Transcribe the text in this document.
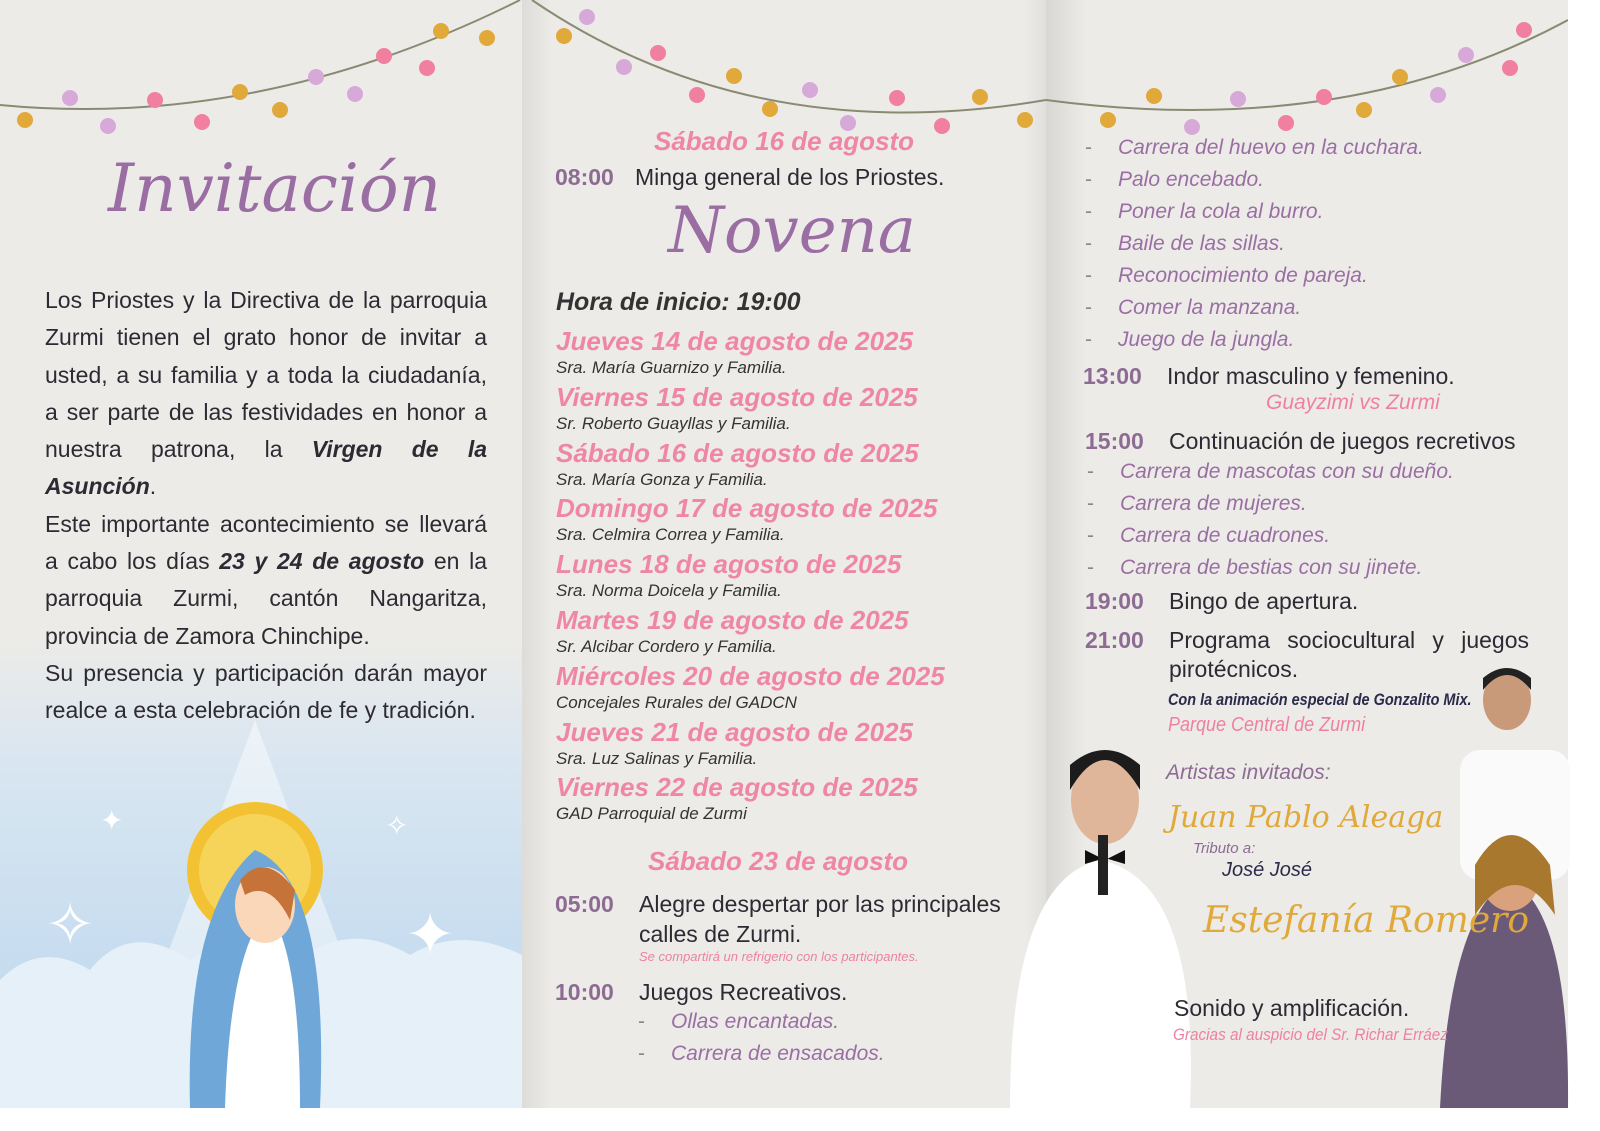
Invitación

Los Priostes y la Directiva de la parroquia Zurmi tienen el grato honor de invitar a usted, a su familia y a toda la ciudadanía, a ser parte de las festividades en honor a nuestra patrona, la Virgen de la Asunción.

Este importante acontecimiento se llevará a cabo los días 23 y 24 de agosto en la parroquia Zurmi, cantón Nangaritza, provincia de Zamora Chinchipe.

Su presencia y participación darán mayor realce a esta celebración de fe y tradición.

✦	✧
✧	✦
Sábado 16 de agosto
08:00 Minga general de los Priostes.
Novena
Hora de inicio: 19:00
Jueves 14 de agosto de 2025
Sra. María Guarnizo y Familia.
Viernes 15 de agosto de 2025
Sr. Roberto Guayllas y Familia.
Sábado 16 de agosto de 2025
Sra. María Gonza y Familia.
Domingo 17 de agosto de 2025
Sra. Celmira Correa y Familia.
Lunes 18 de agosto de 2025
Sra. Norma Doicela y Familia.
Martes 19 de agosto de 2025
Sr. Alcibar Cordero y Familia.
Miércoles 20 de agosto de 2025
Concejales Rurales del GADCN
Jueves 21 de agosto de 2025
Sra. Luz Salinas y Familia.
Viernes 22 de agosto de 2025
GAD Parroquial de Zurmi
Sábado 23 de agosto
05:00 Alegre despertar por las principales
calles de Zurmi.
Se compartirá un refrigerio con los participantes.
10:00 Juegos Recreativos.
- Ollas encantadas.
- Carrera de ensacados.
- Carrera del huevo en la cuchara.
- Palo encebado.
- Poner la cola al burro.
- Baile de las sillas.
- Reconocimiento de pareja.
- Comer la manzana.
- Juego de la jungla.
- Carrera de mascotas con su dueño.
- Carrera de mujeres.
- Carrera de cuadrones.
- Carrera de bestias con su jinete.
13:00 Indor masculino y femenino.
Guayzimi vs Zurmi
15:00 Continuación de juegos recretivos
19:00 Bingo de apertura.
21:00 Programa sociocultural y juegos
pirotécnicos.
Con la animación especial de Gonzalito Mix.
Parque Central de Zurmi
Artistas invitados:
Juan Pablo Aleaga
Tributo a:
José José
Estefanía Romero
Sonido y amplificación.
Gracias al auspicio del Sr. Richar Erráez
